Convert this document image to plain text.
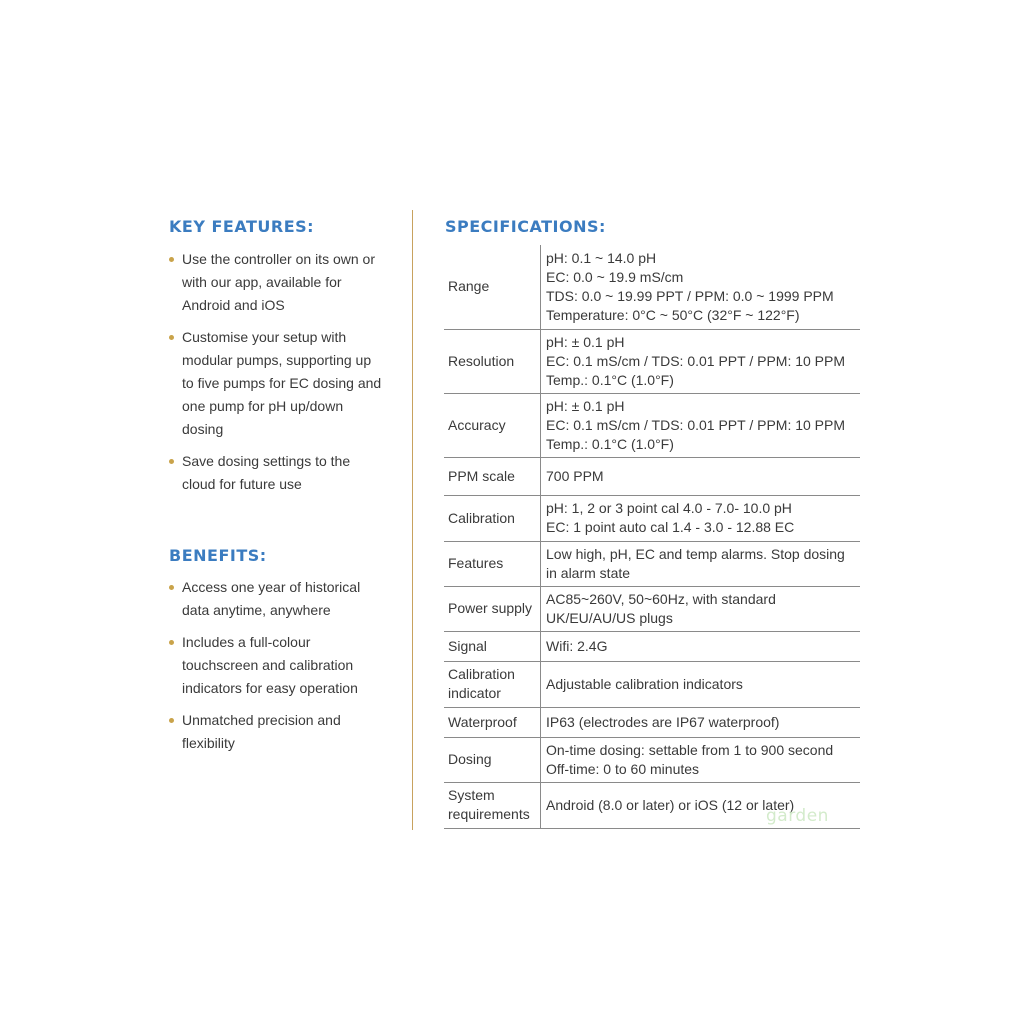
KEY FEATURES:
Use the controller on its own or with our app, available for Android and iOS
Customise your setup with modular pumps, supporting up to five pumps for EC dosing and one pump for pH up/down dosing
Save dosing settings to the cloud for future use
BENEFITS:
Access one year of historical data anytime, anywhere
Includes a full-colour touchscreen and calibration indicators for easy operation
Unmatched precision and flexibility
SPECIFICATIONS:
Range	pH: 0.1 ~ 14.0 pH
EC: 0.0 ~ 19.9 mS/cm
TDS: 0.0 ~ 19.99 PPT / PPM: 0.0 ~ 1999 PPM
Temperature: 0°C ~ 50°C (32°F ~ 122°F)
Resolution	pH: ± 0.1 pH
EC: 0.1 mS/cm / TDS: 0.01 PPT / PPM: 10 PPM
Temp.: 0.1°C (1.0°F)
Accuracy	pH: ± 0.1 pH
EC: 0.1 mS/cm / TDS: 0.01 PPT / PPM: 10 PPM
Temp.: 0.1°C (1.0°F)
PPM scale	700 PPM
Calibration	pH: 1, 2 or 3 point cal 4.0 - 7.0- 10.0 pH
EC: 1 point auto cal 1.4 - 3.0 - 12.88 EC
Features	Low high, pH, EC and temp alarms. Stop dosing
in alarm state
Power supply	AC85~260V, 50~60Hz, with standard
UK/EU/AU/US plugs
Signal	Wifi: 2.4G
Calibration
indicator	Adjustable calibration indicators
Waterproof	IP63 (electrodes are IP67 waterproof)
Dosing	On-time dosing: settable from 1 to 900 second
Off-time: 0 to 60 minutes
System
requirements	Android (8.0 or later) or iOS (12 or later)
garden
